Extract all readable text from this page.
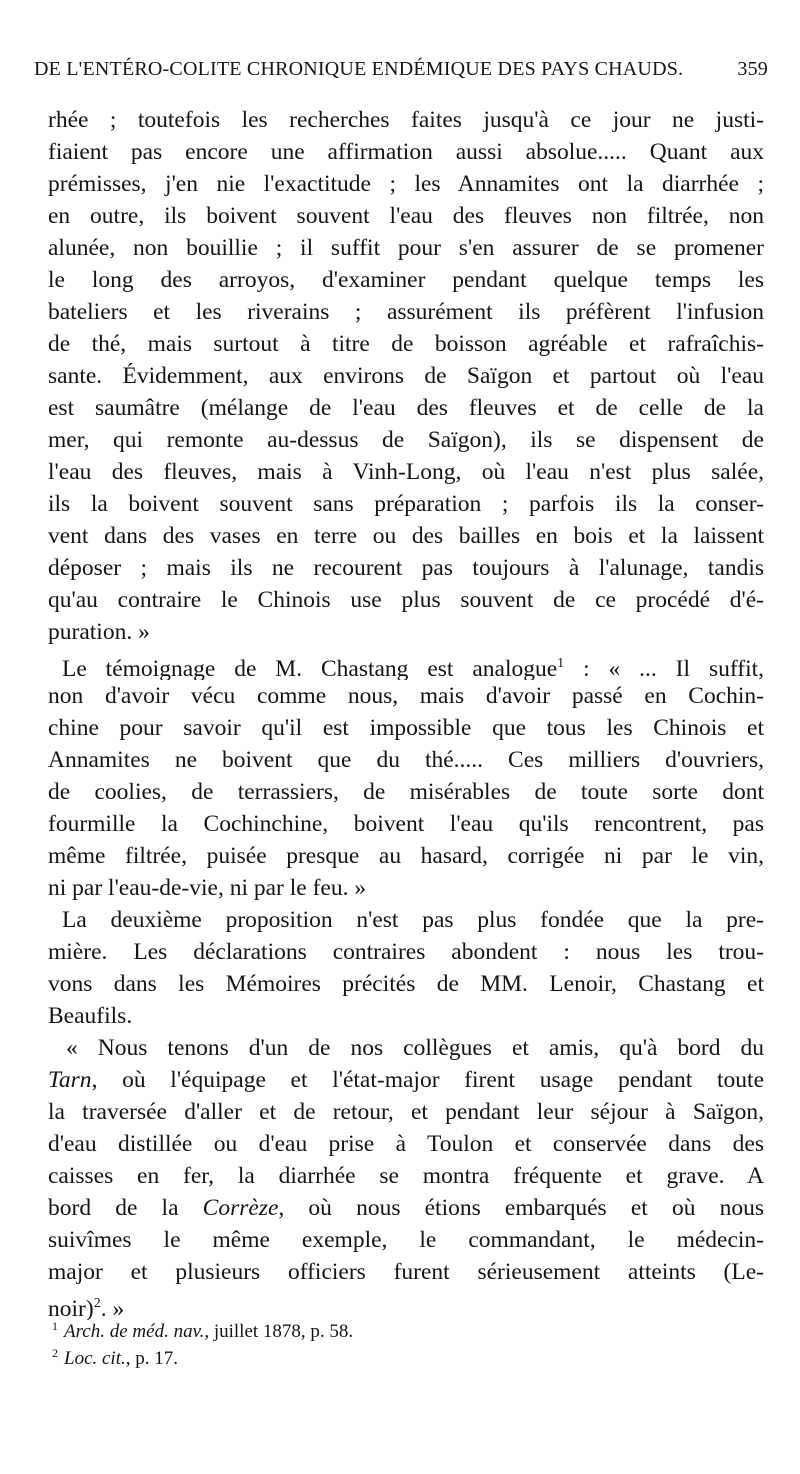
DE L'ENTÉRO-COLITE CHRONIQUE ENDÉMIQUE DES PAYS CHAUDS.	359
rhée ; toutefois les recherches faites jusqu'à ce jour ne justi-
fiaient pas encore une affirmation aussi absolue..... Quant aux
prémisses, j'en nie l'exactitude ; les Annamites ont la diarrhée ;
en outre, ils boivent souvent l'eau des fleuves non filtrée, non
alunée, non bouillie ; il suffit pour s'en assurer de se promener
le long des arroyos, d'examiner pendant quelque temps les
bateliers et les riverains ; assurément ils préfèrent l'infusion
de thé, mais surtout à titre de boisson agréable et rafraîchis-
sante. Évidemment, aux environs de Saïgon et partout où l'eau
est saumâtre (mélange de l'eau des fleuves et de celle de la
mer, qui remonte au-dessus de Saïgon), ils se dispensent de
l'eau des fleuves, mais à Vinh-Long, où l'eau n'est plus salée,
ils la boivent souvent sans préparation ; parfois ils la conser-
vent dans des vases en terre ou des bailles en bois et la laissent
déposer ; mais ils ne recourent pas toujours à l'alunage, tandis
qu'au contraire le Chinois use plus souvent de ce procédé d'é-
puration. »
Le témoignage de M. Chastang est analogue$^1$ : « ... Il suffit,
non d'avoir vécu comme nous, mais d'avoir passé en Cochin-
chine pour savoir qu'il est impossible que tous les Chinois et
Annamites ne boivent que du thé..... Ces milliers d'ouvriers,
de coolies, de terrassiers, de misérables de toute sorte dont
fourmille la Cochinchine, boivent l'eau qu'ils rencontrent, pas
même filtrée, puisée presque au hasard, corrigée ni par le vin,
ni par l'eau-de-vie, ni par le feu. »
La deuxième proposition n'est pas plus fondée que la pre-
mière. Les déclarations contraires abondent : nous les trou-
vons dans les Mémoires précités de MM. Lenoir, Chastang et
Beaufils.
« Nous tenons d'un de nos collègues et amis, qu'à bord du
Tarn, où l'équipage et l'état-major firent usage pendant toute
la traversée d'aller et de retour, et pendant leur séjour à Saïgon,
d'eau distillée ou d'eau prise à Toulon et conservée dans des
caisses en fer, la diarrhée se montra fréquente et grave. A
bord de la Corrèze, où nous étions embarqués et où nous
suivîmes le même exemple, le commandant, le médecin-
major et plusieurs officiers furent sérieusement atteints (Le-
noir)$^2$. »
$^1$ Arch. de méd. nav., juillet 1878, p. 58.
$^2$ Loc. cit., p. 17.
